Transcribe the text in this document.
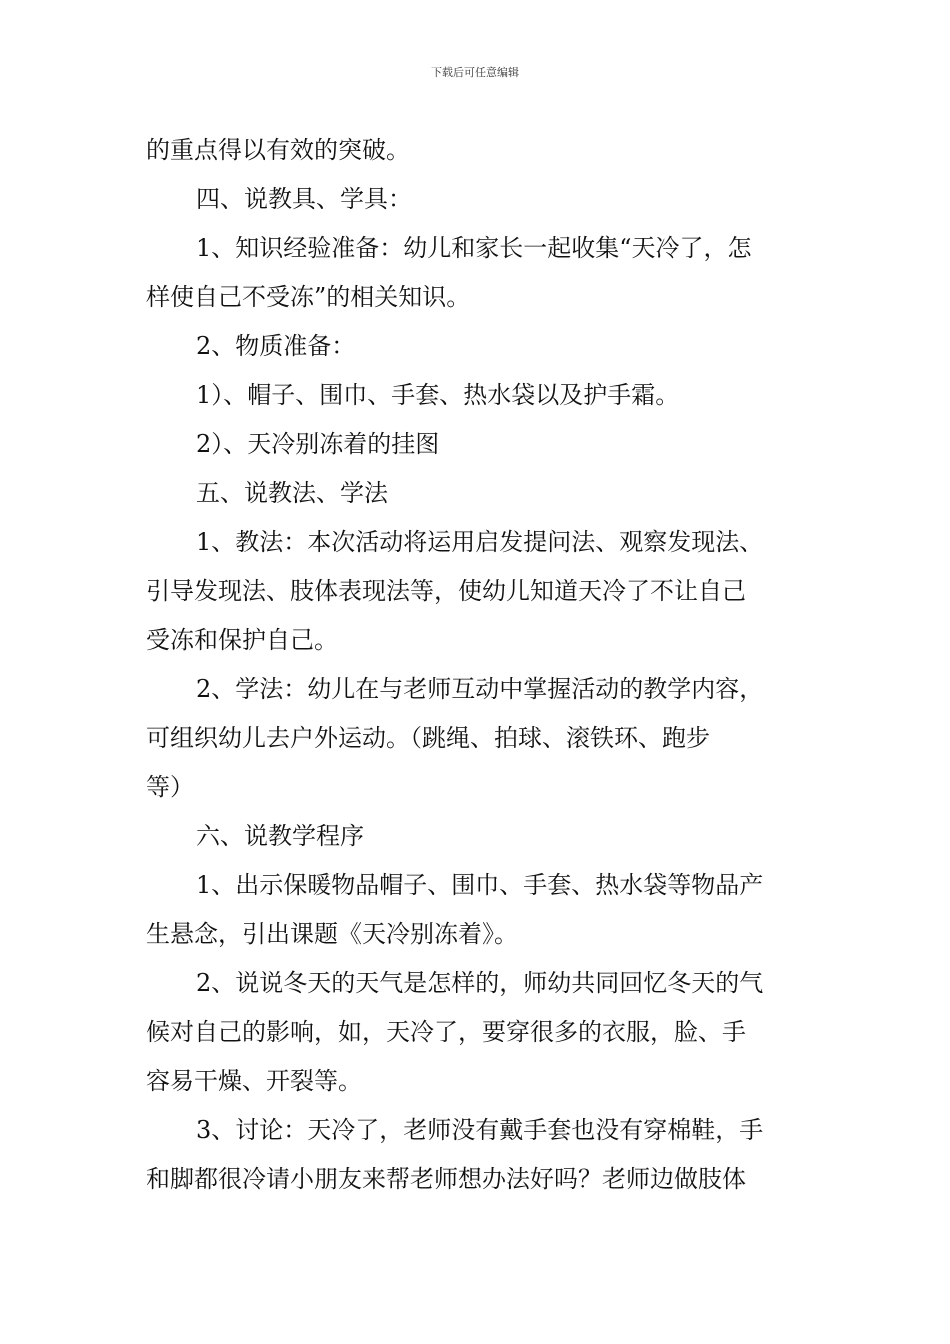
下载后可任意编辑
的重点得以有效的突破。
四、说教具、学具：
1、知识经验准备：幼儿和家长一起收集“天冷了，怎
样使自己不受冻”的相关知识。
2、物质准备：
1）、帽子、围巾、手套、热水袋以及护手霜。
2）、天冷别冻着的挂图
五、说教法、学法
1、教法：本次活动将运用启发提问法、观察发现法、
引导发现法、肢体表现法等，使幼儿知道天冷了不让自己
受冻和保护自己。
2、学法：幼儿在与老师互动中掌握活动的教学内容，
可组织幼儿去户外运动。（跳绳、拍球、滚铁环、跑步
等）
六、说教学程序
1、出示保暖物品帽子、围巾、手套、热水袋等物品产
生悬念，引出课题《天冷别冻着》。
2、说说冬天的天气是怎样的，师幼共同回忆冬天的气
候对自己的影响，如，天冷了，要穿很多的衣服，脸、手
容易干燥、开裂等。
3、讨论：天冷了，老师没有戴手套也没有穿棉鞋，手
和脚都很冷请小朋友来帮老师想办法好吗？老师边做肢体
